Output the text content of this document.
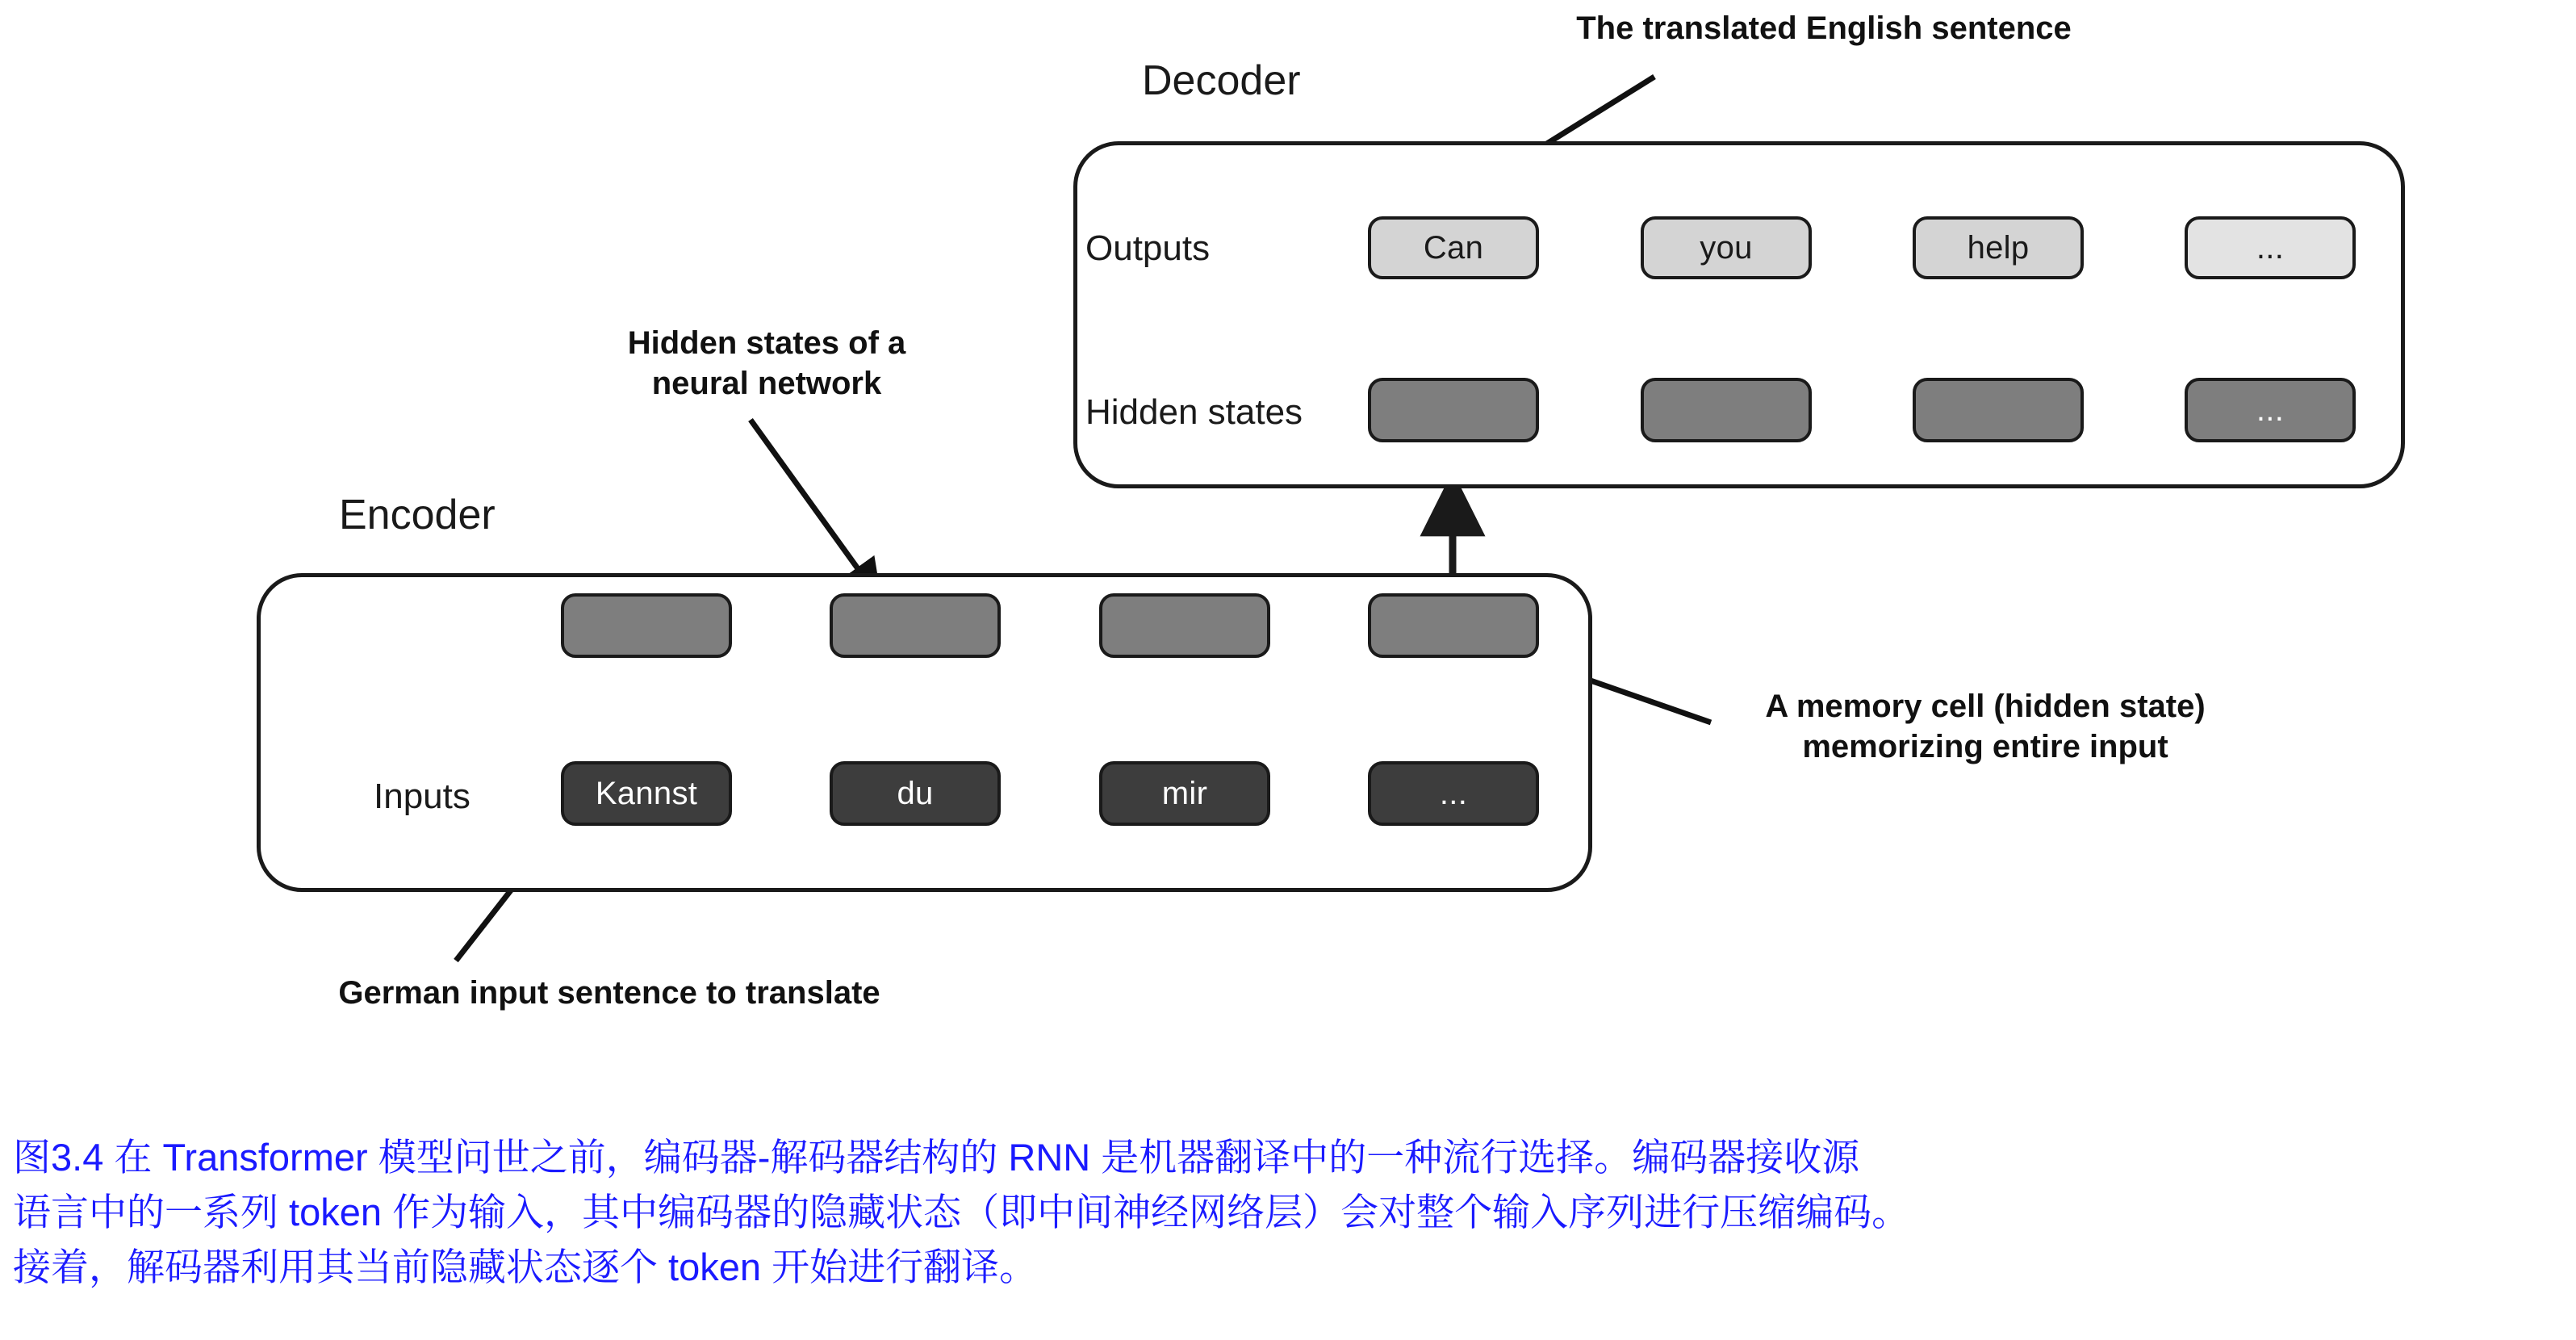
Decoder
Outputs
Hidden states
Can	you	help	...
...
Encoder
Inputs	Kannst	du	mir	...
The translated English sentence
Hidden states of a
neural network
A memory cell (hidden state)
memorizing entire input
German input sentence to translate
图3.4 在 Transformer 模型问世之前，编码器-解码器结构的 RNN 是机器翻译中的一种流行选择。编码器接收源
语言中的一系列 token 作为输入，其中编码器的隐藏状态（即中间神经网络层）会对整个输入序列进行压缩编码。
接着，解码器利用其当前隐藏状态逐个 token 开始进行翻译。
